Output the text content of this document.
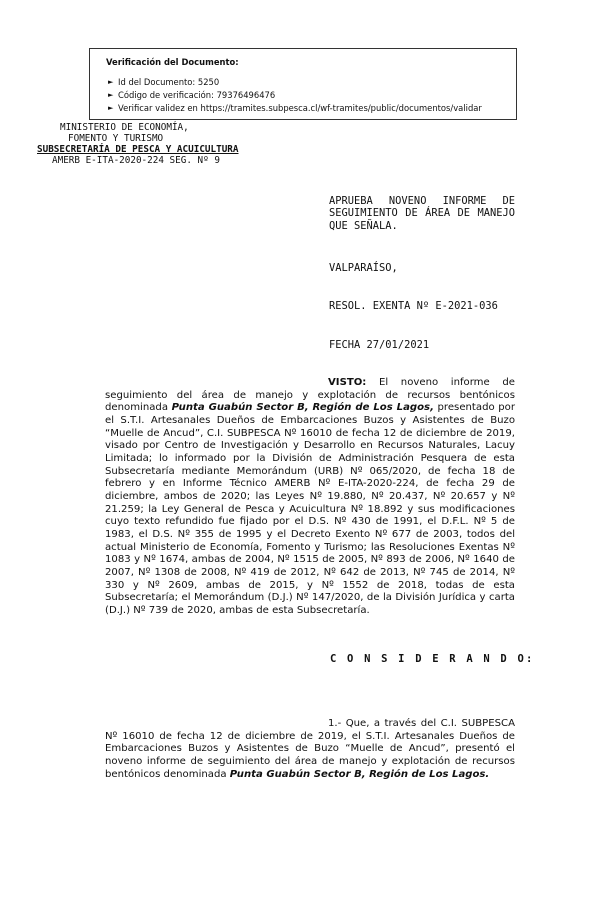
Verificación del Documento:
► Id del Documento: 5250
► Código de verificación: 79376496476
► Verificar validez en https://tramites.subpesca.cl/wf-tramites/public/documentos/validar
MINISTERIO DE ECONOMÍA,
FOMENTO Y TURISMO
SUBSECRETARÍA DE PESCA Y ACUICULTURA
AMERB E-ITA-2020-224 SEG. Nº 9
APRUEBA NOVENO INFORME DE SEGUIMIENTO DE ÁREA DE MANEJO QUE SEÑALA.
VALPARAÍSO,
RESOL. EXENTA Nº E-2021-036
FECHA 27/01/2021
VISTO: El noveno informe de seguimiento del área de manejo y explotación de recursos bentónicos denominada Punta Guabún Sector B, Región de Los Lagos, presentado por el S.T.I. Artesanales Dueños de Embarcaciones Buzos y Asistentes de Buzo “Muelle de Ancud”, C.I. SUBPESCA Nº 16010 de fecha 12 de diciembre de 2019, visado por Centro de Investigación y Desarrollo en Recursos Naturales, Lacuy Limitada; lo informado por la División de Administración Pesquera de esta Subsecretaría mediante Memorándum (URB) Nº 065/2020, de fecha 18 de febrero y en Informe Técnico AMERB Nº E-ITA-2020-224, de fecha 29 de diciembre, ambos de 2020; las Leyes Nº 19.880, Nº 20.437, Nº 20.657 y Nº 21.259; la Ley General de Pesca y Acuicultura Nº 18.892 y sus modificaciones cuyo texto refundido fue fijado por el D.S. Nº 430 de 1991, el D.F.L. Nº 5 de 1983, el D.S. Nº 355 de 1995 y el Decreto Exento Nº 677 de 2003, todos del actual Ministerio de Economía, Fomento y Turismo; las Resoluciones Exentas Nº 1083 y Nº 1674, ambas de 2004, Nº 1515 de 2005, Nº 893 de 2006, Nº 1640 de 2007, Nº 1308 de 2008, Nº 419 de 2012, Nº 642 de 2013, Nº 745 de 2014, Nº 330 y Nº 2609, ambas de 2015, y Nº 1552 de 2018, todas de esta Subsecretaría; el Memorándum (D.J.) Nº 147/2020, de la División Jurídica y carta (D.J.) Nº 739 de 2020, ambas de esta Subsecretaría.
C O N S I D E R A N D O:
1.- Que, a través del C.I. SUBPESCA Nº 16010 de fecha 12 de diciembre de 2019, el S.T.I. Artesanales Dueños de Embarcaciones Buzos y Asistentes de Buzo “Muelle de Ancud”, presentó el noveno informe de seguimiento del área de manejo y explotación de recursos bentónicos denominada Punta Guabún Sector B, Región de Los Lagos.
